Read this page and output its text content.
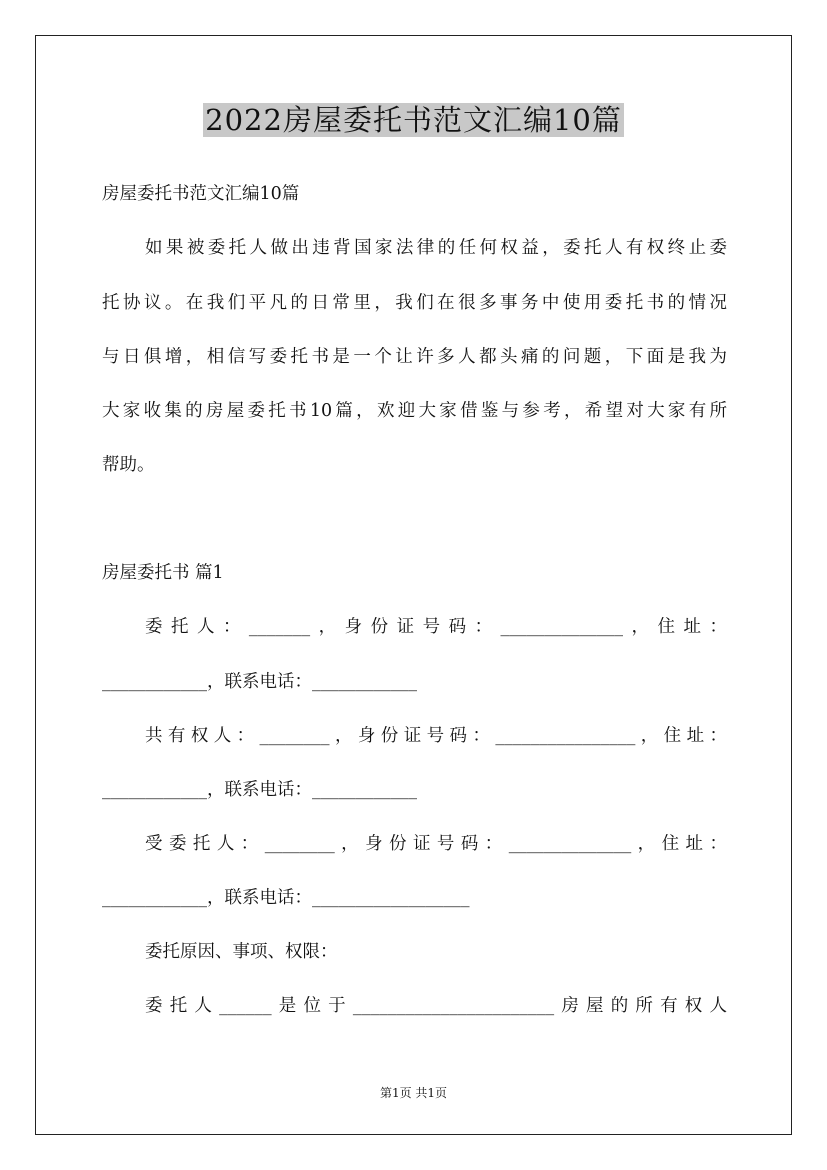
2022房屋委托书范文汇编10篇
房屋委托书范文汇编10篇
如果被委托人做出违背国家法律的任何权益，委托人有权终止委
托协议。在我们平凡的日常里，我们在很多事务中使用委托书的情况
与日俱增，相信写委托书是一个让许多人都头痛的问题，下面是我为
大家收集的房屋委托书10篇，欢迎大家借鉴与参考，希望对大家有所
帮助。
房屋委托书 篇1
委托人：_______，身份证号码：______________，住址：
____________，联系电话：____________
共有权人：________，身份证号码：________________，住址：
____________，联系电话：____________
受委托人：________，身份证号码：______________，住址：
____________，联系电话：__________________
委托原因、事项、权限：
委托人______是位于_______________________房屋的所有权人
第1页 共1页
